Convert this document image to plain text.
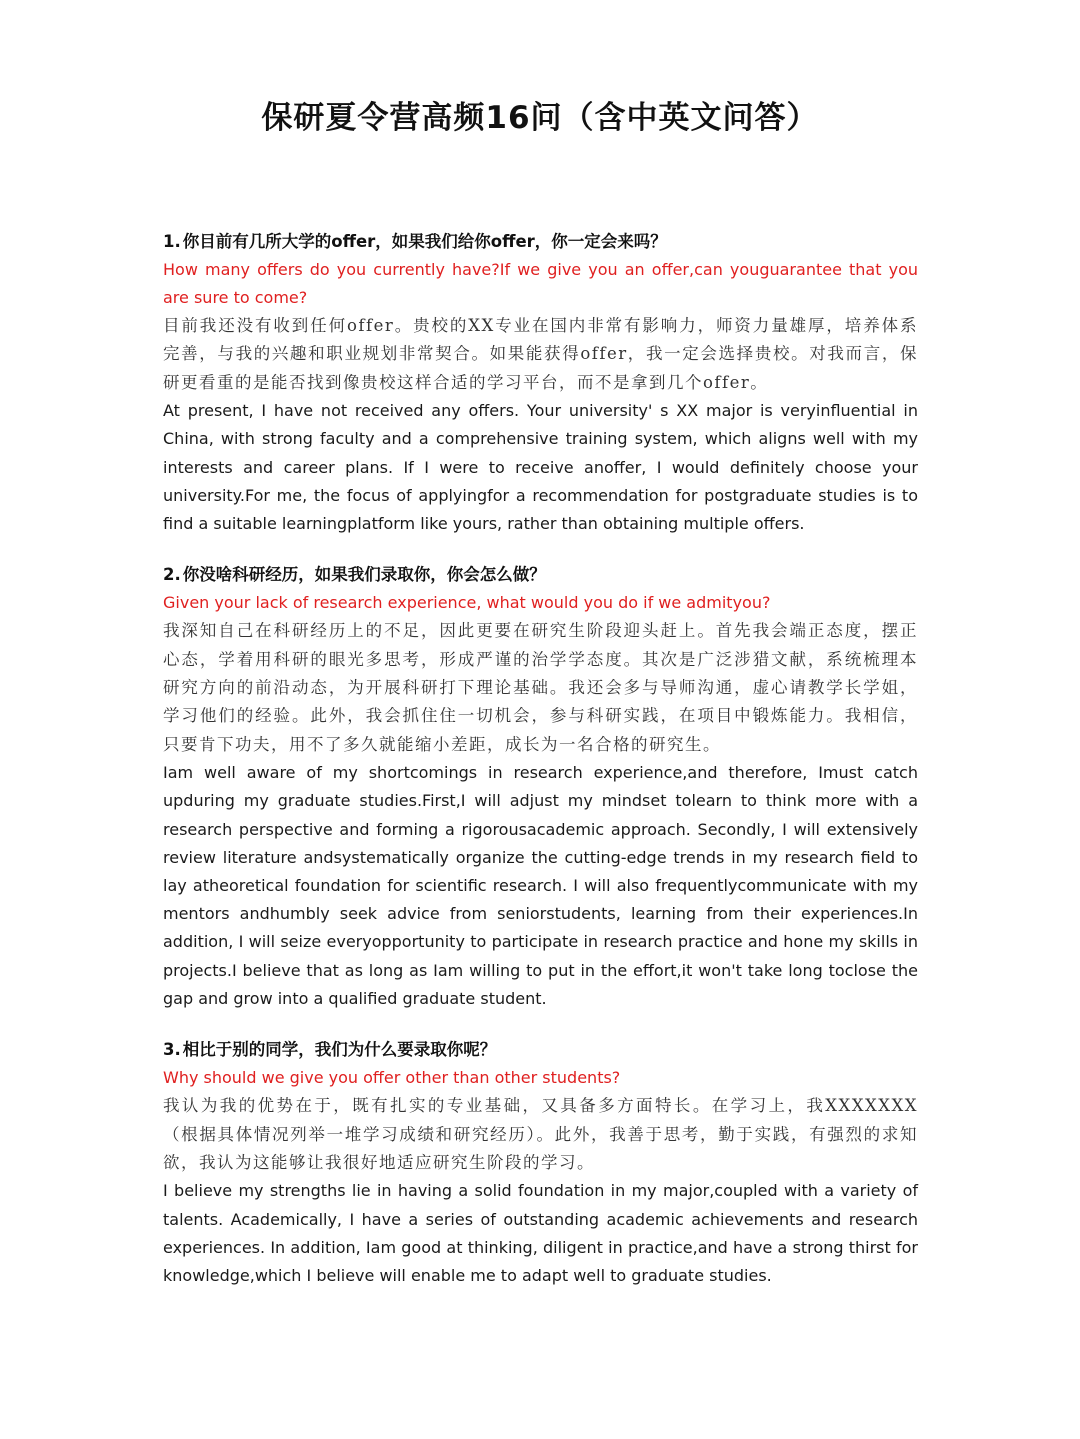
保研夏令营高频16问（含中英文问答）

1. 你目前有几所大学的offer，如果我们给你offer，你一定会来吗？

How many offers do you currently have?If we give you an offer,can youguarantee that you are sure to come?

目前我还没有收到任何offer。贵校的XX专业在国内非常有影响力，师资力量雄厚，培养体系完善，与我的兴趣和职业规划非常契合。如果能获得offer，我一定会选择贵校。对我而言，保研更看重的是能否找到像贵校这样合适的学习平台，而不是拿到几个offer。

At present, I have not received any offers. Your university' s XX major is veryinfluential in China, with strong faculty and a comprehensive training system, which aligns well with my interests and career plans. If I were to receive anoffer, I would definitely choose your university.For me, the focus of applyingfor a recommendation for postgraduate studies is to find a suitable learningplatform like yours, rather than obtaining multiple offers.

2. 你没啥科研经历，如果我们录取你，你会怎么做？

Given your lack of research experience, what would you do if we admityou?

我深知自己在科研经历上的不足，因此更要在研究生阶段迎头赶上。首先我会端正态度，摆正心态，学着用科研的眼光多思考，形成严谨的治学学态度。其次是广泛涉猎文献，系统梳理本研究方向的前沿动态，为开展科研打下理论基础。我还会多与导师沟通，虚心请教学长学姐，学习他们的经验。此外，我会抓住住一切机会，参与科研实践，在项目中锻炼能力。我相信，只要肯下功夫，用不了多久就能缩小差距，成长为一名合格的研究生。

Iam well aware of my shortcomings in research experience,and therefore, Imust catch upduring my graduate studies.First,I will adjust my mindset tolearn to think more with a research perspective and forming a rigorousacademic approach. Secondly, I will extensively review literature andsystematically organize the cutting-edge trends in my research field to lay atheoretical foundation for scientific research. I will also frequentlycommunicate with my mentors andhumbly seek advice from seniorstudents, learning from their experiences.In addition, I will seize everyopportunity to participate in research practice and hone my skills in projects.I believe that as long as Iam willing to put in the effort,it won't take long toclose the gap and grow into a qualified graduate student.

3. 相比于别的同学，我们为什么要录取你呢？

Why should we give you offer other than other students?

我认为我的优势在于，既有扎实的专业基础，又具备多方面特长。在学习上，我XXXXXXX（根据具体情况列举一堆学习成绩和研究经历）。此外，我善于思考，勤于实践，有强烈的求知欲，我认为这能够让我很好地适应研究生阶段的学习。

I believe my strengths lie in having a solid foundation in my major,coupled with a variety of talents. Academically, I have a series of outstanding academic achievements and research experiences. In addition, Iam good at thinking, diligent in practice,and have a strong thirst for knowledge,which I believe will enable me to adapt well to graduate studies.
